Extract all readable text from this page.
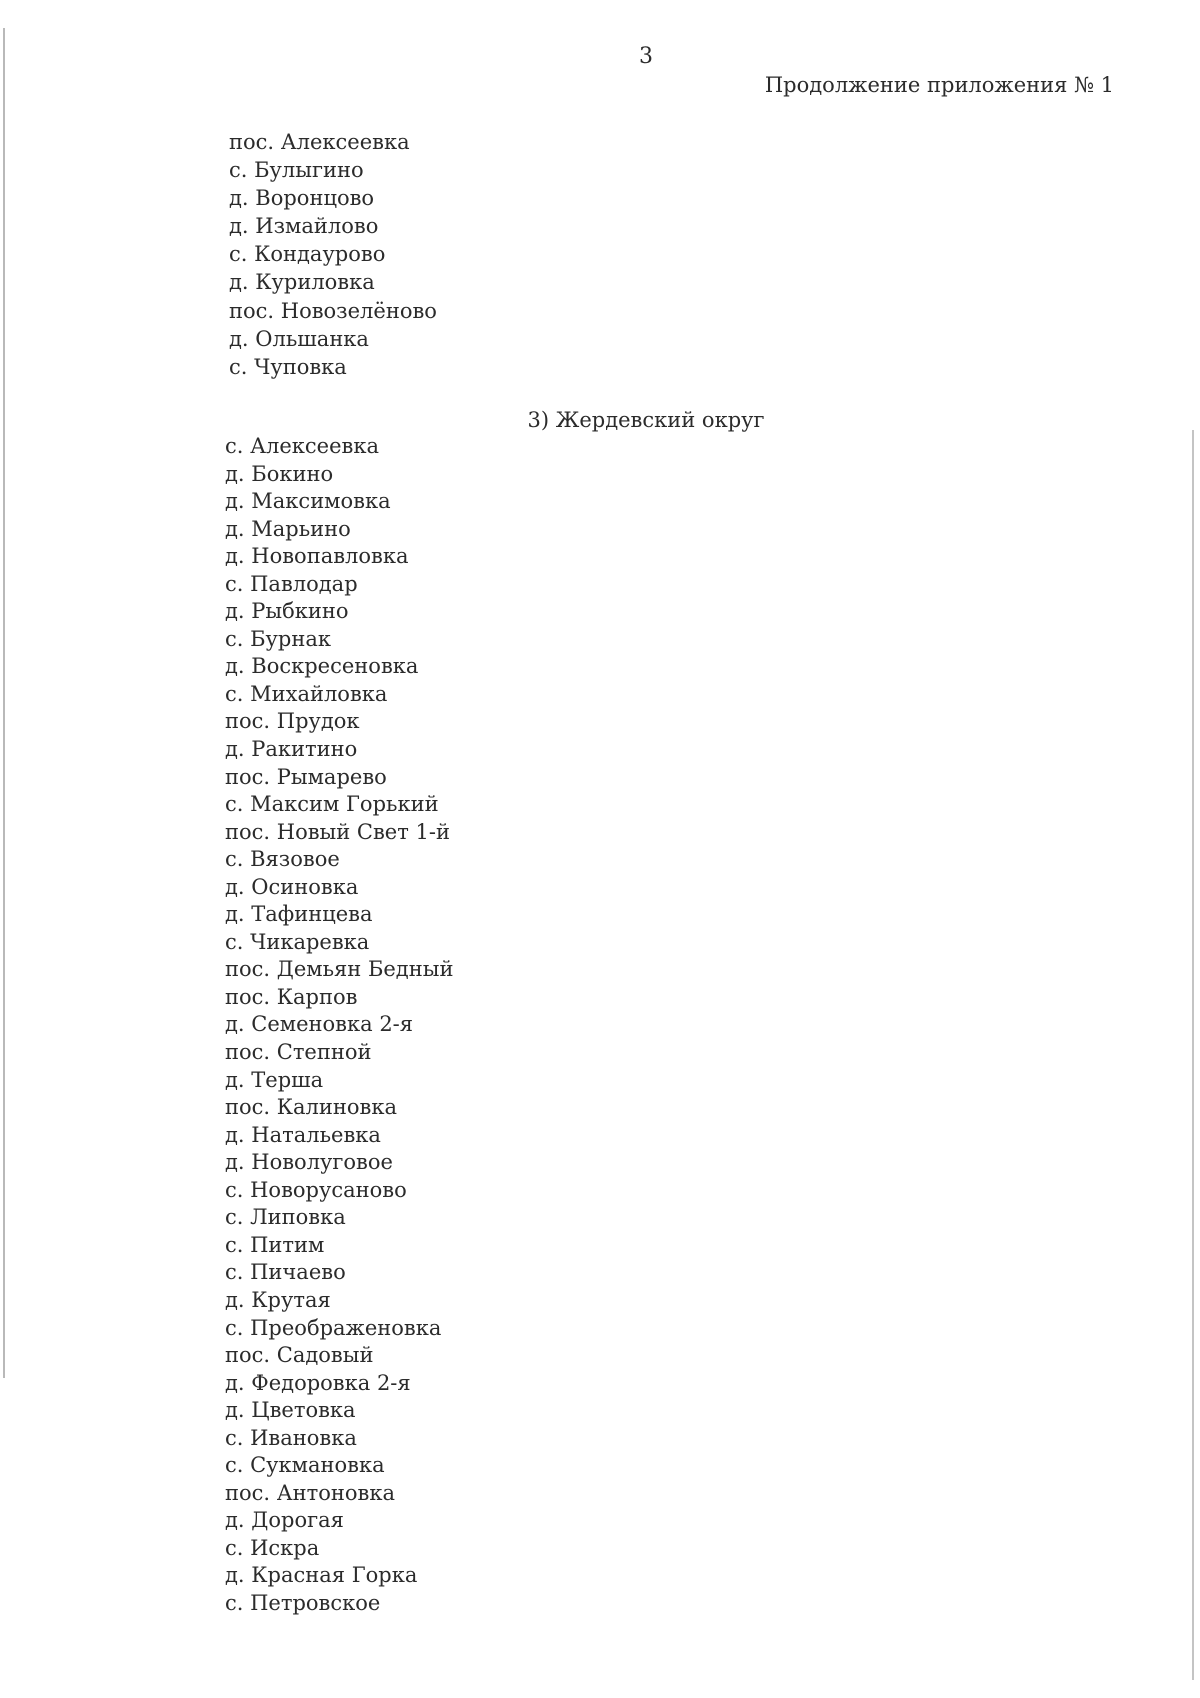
3
Продолжение приложения № 1
пос. Алексеевка
с. Булыгино
д. Воронцово
д. Измайлово
с. Кондаурово
д. Куриловка
пос. Новозелёново
д. Ольшанка
с. Чуповка
3) Жердевский округ
с. Алексеевка
д. Бокино
д. Максимовка
д. Марьино
д. Новопавловка
с. Павлодар
д. Рыбкино
с. Бурнак
д. Воскресеновка
с. Михайловка
пос. Прудок
д. Ракитино
пос. Рымарево
с. Максим Горький
пос. Новый Свет 1-й
с. Вязовое
д. Осиновка
д. Тафинцева
с. Чикаревка
пос. Демьян Бедный
пос. Карпов
д. Семеновка 2-я
пос. Степной
д. Терша
пос. Калиновка
д. Натальевка
д. Новолуговое
с. Новорусаново
с. Липовка
с. Питим
с. Пичаево
д. Крутая
с. Преображеновка
пос. Садовый
д. Федоровка 2-я
д. Цветовка
с. Ивановка
с. Сукмановка
пос. Антоновка
д. Дорогая
с. Искра
д. Красная Горка
с. Петровское
